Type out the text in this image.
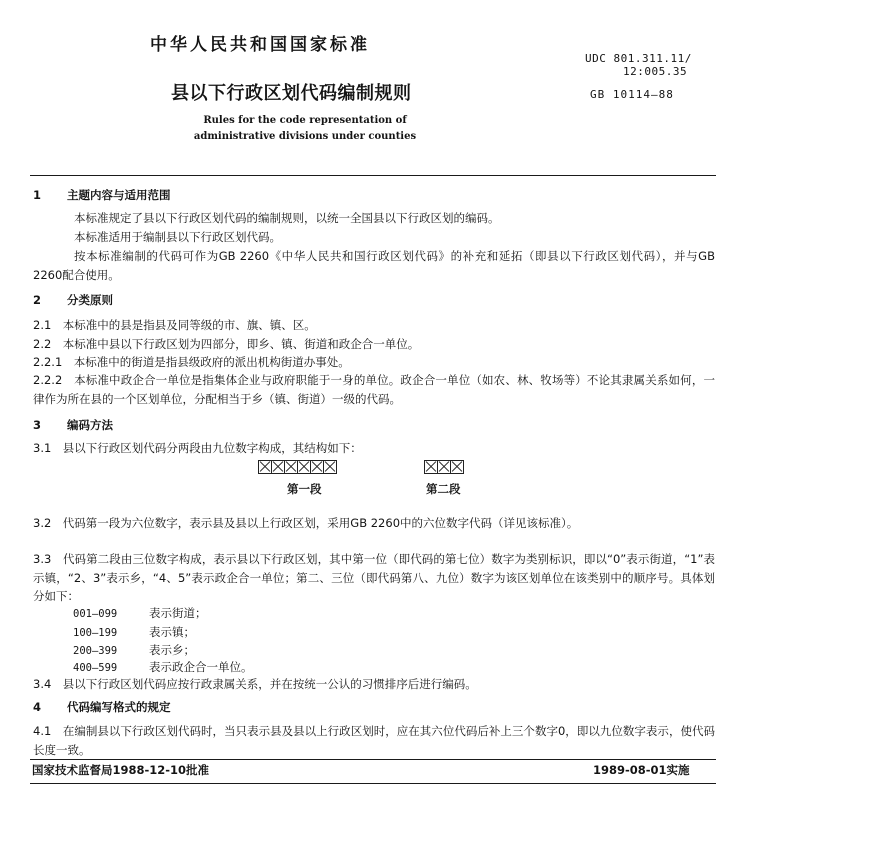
中华人民共和国国家标准
UDC 801.311.11/
12:005.35
县以下行政区划代码编制规则	GB 10114—88
Rules for the code representation of
administrative divisions under counties
1 主题内容与适用范围
本标准规定了县以下行政区划代码的编制规则，以统一全国县以下行政区划的编码。
本标准适用于编制县以下行政区划代码。
按本标准编制的代码可作为GB 2260《中华人民共和国行政区划代码》的补充和延拓（即县以下行政区划代码），并与GB 2260配合使用。
2 分类原则
2.1　本标准中的县是指县及同等级的市、旗、镇、区。
2.2　本标准中县以下行政区划为四部分，即乡、镇、街道和政企合一单位。
2.2.1　本标准中的街道是指县级政府的派出机构街道办事处。
2.2.2　本标准中政企合一单位是指集体企业与政府职能于一身的单位。政企合一单位（如农、林、牧场等）不论其隶属关系如何，一律作为所在县的一个区划单位，分配相当于乡（镇、街道）一级的代码。
3 编码方法
3.1　县以下行政区划代码分两段由九位数字构成，其结构如下：
第一段	第二段
3.2　代码第一段为六位数字，表示县及县以上行政区划，采用GB 2260中的六位数字代码（详见该标准）。
3.3　代码第二段由三位数字构成，表示县以下行政区划，其中第一位（即代码的第七位）数字为类别标识，即以“0”表示街道，“1”表示镇，“2、3”表示乡，“4、5”表示政企合一单位；第二、三位（即代码第八、九位）数字为该区划单位在该类别中的顺序号。具体划分如下：
001—099	表示街道；
100—199	表示镇；
200—399	表示乡；
400—599	表示政企合一单位。
3.4　县以下行政区划代码应按行政隶属关系，并在按统一公认的习惯排序后进行编码。
4 代码编写格式的规定
4.1　在编制县以下行政区划代码时，当只表示县及县以上行政区划时，应在其六位代码后补上三个数字0，即以九位数字表示，使代码长度一致。
国家技术监督局1988-12-10批准	1989-08-01实施
